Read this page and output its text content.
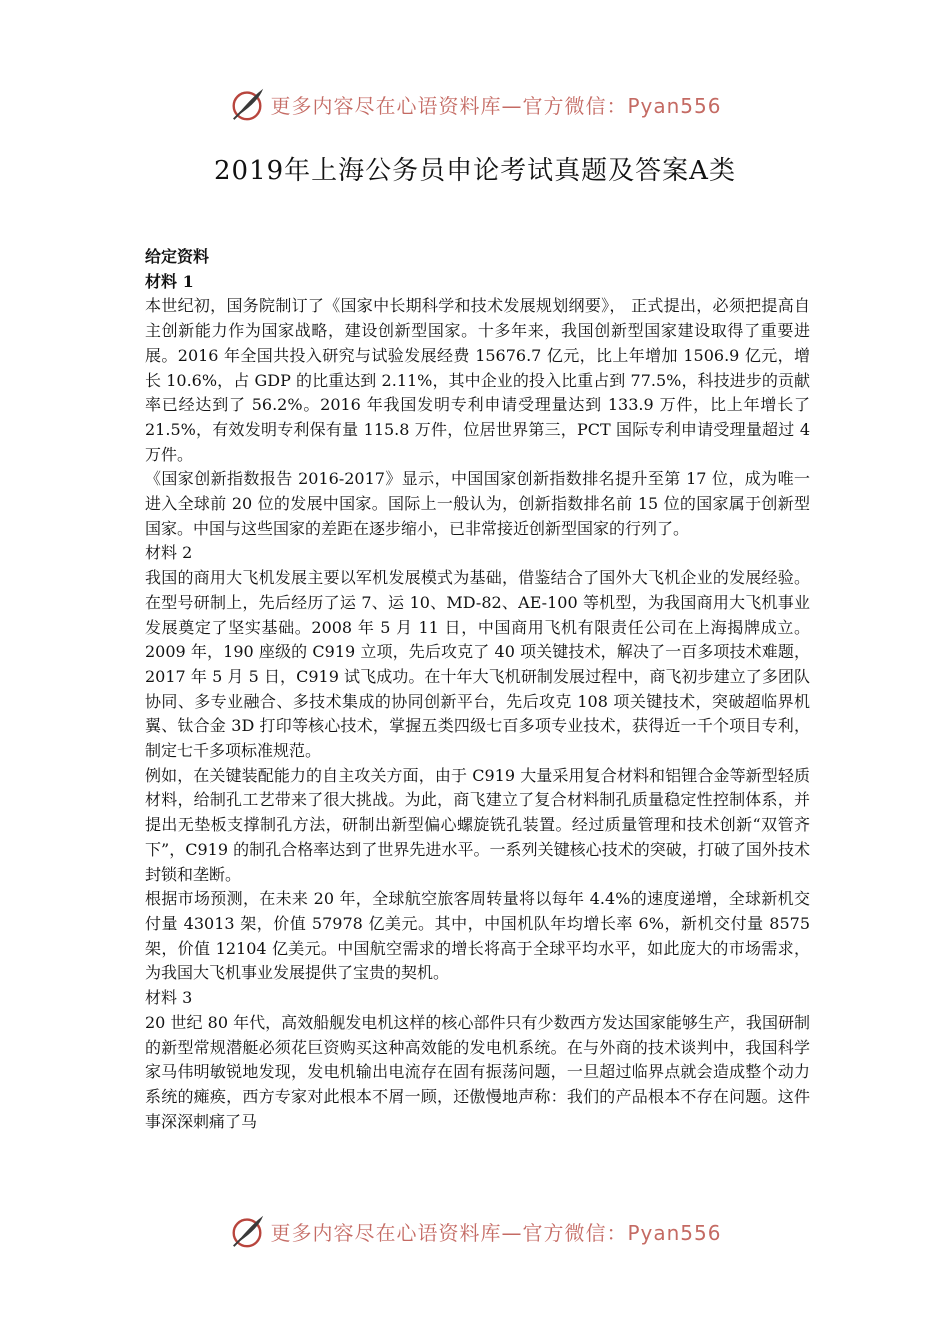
更多内容尽在心语资料库—官方微信：Pyan556
2019年上海公务员申论考试真题及答案A类

给定资料

材料 1

本世纪初，国务院制订了《国家中长期科学和技术发展规划纲要》， 正式提出，必须把提高自主创新能力作为国家战略，建设创新型国家。十多年来，我国创新型国家建设取得了重要进展。2016 年全国共投入研究与试验发展经费 15676.7 亿元，比上年增加 1506.9 亿元，增长 10.6%，占 GDP 的比重达到 2.11%，其中企业的投入比重占到 77.5%，科技进步的贡献率已经达到了 56.2%。2016 年我国发明专利申请受理量达到 133.9 万件，比上年增长了 21.5%，有效发明专利保有量 115.8 万件，位居世界第三，PCT 国际专利申请受理量超过 4 万件。

《国家创新指数报告 2016-2017》显示，中国国家创新指数排名提升至第 17 位，成为唯一进入全球前 20 位的发展中国家。国际上一般认为，创新指数排名前 15 位的国家属于创新型国家。中国与这些国家的差距在逐步缩小，已非常接近创新型国家的行列了。

材料 2

我国的商用大飞机发展主要以军机发展模式为基础，借鉴结合了国外大飞机企业的发展经验。在型号研制上，先后经历了运 7、运 10、MD-82、AE-100 等机型，为我国商用大飞机事业发展奠定了坚实基础。2008 年 5 月 11 日，中国商用飞机有限责任公司在上海揭牌成立。2009 年，190 座级的 C919 立项，先后攻克了 40 项关键技术，解决了一百多项技术难题，2017 年 5 月 5 日，C919 试飞成功。在十年大飞机研制发展过程中，商飞初步建立了多团队协同、多专业融合、多技术集成的协同创新平台，先后攻克 108 项关键技术，突破超临界机翼、钛合金 3D 打印等核心技术，掌握五类四级七百多项专业技术，获得近一千个项目专利，制定七千多项标准规范。

例如，在关键装配能力的自主攻关方面，由于 C919 大量采用复合材料和铝锂合金等新型轻质材料，给制孔工艺带来了很大挑战。为此，商飞建立了复合材料制孔质量稳定性控制体系，并提出无垫板支撑制孔方法，研制出新型偏心螺旋铣孔装置。经过质量管理和技术创新“双管齐下”，C919 的制孔合格率达到了世界先进水平。一系列关键核心技术的突破，打破了国外技术封锁和垄断。

根据市场预测，在未来 20 年，全球航空旅客周转量将以每年 4.4%的速度递增，全球新机交付量 43013 架，价值 57978 亿美元。其中，中国机队年均增长率 6%，新机交付量 8575 架，价值 12104 亿美元。中国航空需求的增长将高于全球平均水平，如此庞大的市场需求，为我国大飞机事业发展提供了宝贵的契机。

材料 3

20 世纪 80 年代，高效船舰发电机这样的核心部件只有少数西方发达国家能够生产，我国研制的新型常规潜艇必须花巨资购买这种高效能的发电机系统。在与外商的技术谈判中，我国科学家马伟明敏锐地发现，发电机输出电流存在固有振荡问题，一旦超过临界点就会造成整个动力系统的瘫痪，西方专家对此根本不屑一顾，还傲慢地声称：我们的产品根本不存在问题。这件事深深刺痛了马

更多内容尽在心语资料库—官方微信：Pyan556
